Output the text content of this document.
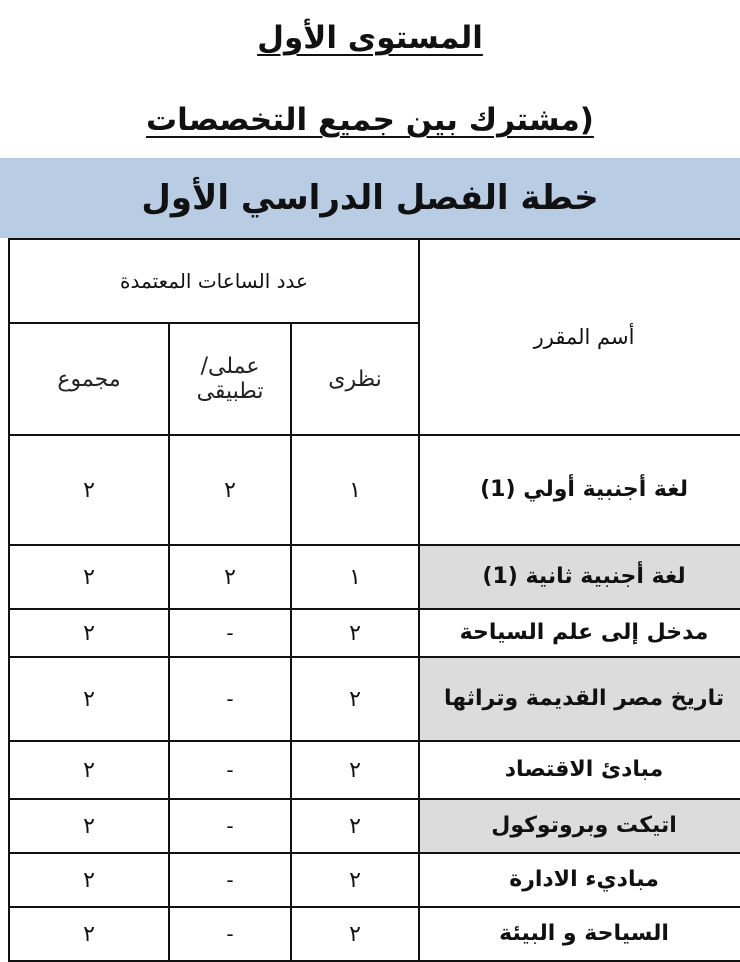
المستوى الأول
(مشترك بين جميع التخصصات
خطة الفصل الدراسي الأول
أسم المقرر	عدد الساعات المعتمدة		
	نظرى	عملى/ تطبيقى	مجموع
لغة أجنبية أولي (1)	١	٢	٢
لغة أجنبية ثانية (1)	١	٢	٢
مدخل إلى علم السياحة	٢	-	٢
تاريخ مصر القديمة وتراثها	٢	-	٢
مبادئ الاقتصاد	٢	-	٢
اتيكت وبروتوكول	٢	-	٢
مباديء الادارة	٢	-	٢
السياحة و البيئة	٢	-	٢
